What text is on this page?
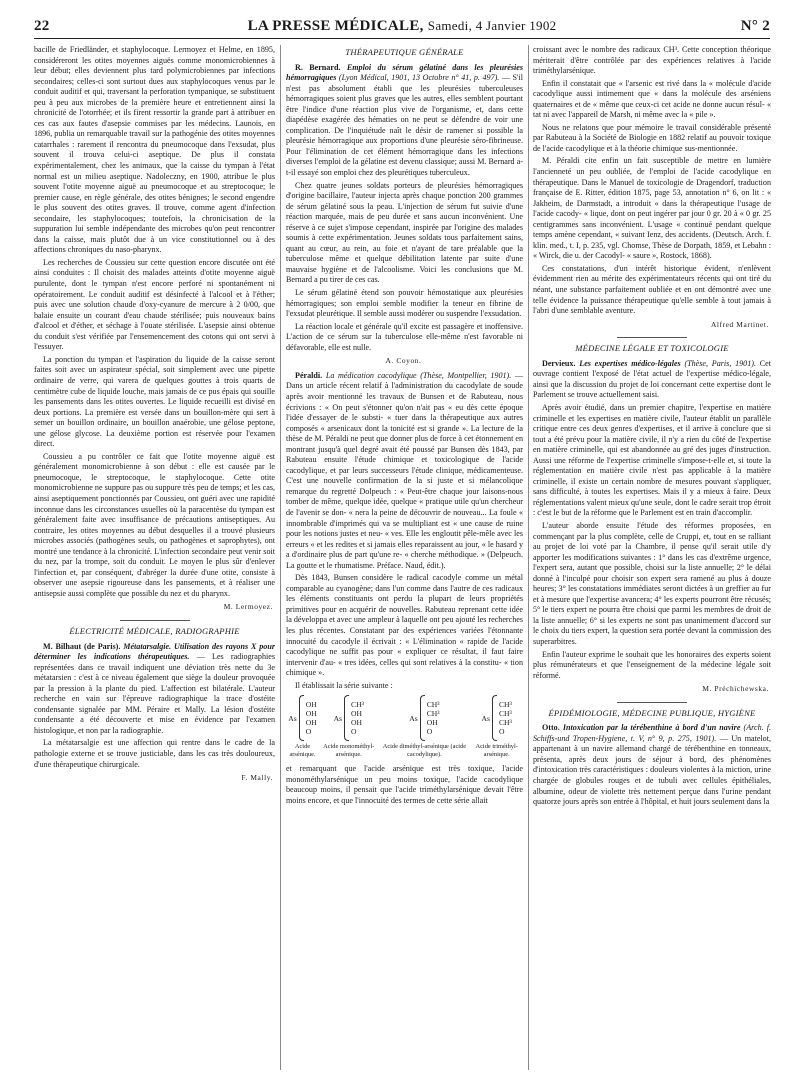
22	LA PRESSE MÉDICALE, Samedi, 4 Janvier 1902	N° 2

bacille de Friedländer, et staphylocoque. Lermoyez et Helme, en 1895, considéreront les otites moyennes aiguës comme monomicrobiennes à leur début; elles deviennent plus tard polymicrobiennes par infections secondaires; celles-ci sont surtout dues aux staphylocoques venus par le conduit auditif et qui, traversant la perforation tympanique, se substituent peu à peu aux microbes de la première heure et entretiennent ainsi la chronicité de l'otorrhée; et ils firent ressortir la grande part à attribuer en ces cas aux fautes d'asepsie commises par les médecins. Launois, en 1896, publia un remarquable travail sur la pathogénie des otites moyennes catarrhales : rarement il rencontra du pneumocoque dans l'exsudat, plus souvent il trouva celui-ci aseptique. De plus il constata expérimentalement, chez les animaux, que la caisse du tympan à l'état normal est un milieu aseptique. Nadoleczny, en 1900, attribue le plus souvent l'otite moyenne aiguë au pneumocoque et au streptocoque; le premier cause, en règle générale, des otites bénignes; le second engendre le plus souvent des otites graves. Il trouve, comme agent d'infection secondaire, les staphylocoques; toutefois, la chronicisation de la suppuration lui semble indépendante des microbes qu'on peut rencontrer dans la caisse, mais plutôt due à un vice constitutionnel ou à des affections chroniques du naso-pharynx.

Les recherches de Coussieu sur cette question encore discutée ont été ainsi conduites : Il choisit des malades atteints d'otite moyenne aiguë purulente, dont le tympan n'est encore perforé ni spontanément ni opératoirement. Le conduit auditif est désinfecté à l'alcool et à l'éther; puis avec une solution chaude d'oxy-cyanure de mercure à 2 0/00, que balaie ensuite un courant d'eau chaude stérilisée; puis nouveaux bains d'alcool et d'éther, et séchage à l'ouate stérilisée. L'asepsie ainsi obtenue du conduit s'est vérifiée par l'ensemencement des cotons qui ont servi à l'essuyer.

La ponction du tympan et l'aspiration du liquide de la caisse seront faites soit avec un aspirateur spécial, soit simplement avec une pipette ordinaire de verre, qui varera de quelques gouttes à trois quarts de centimètre cube de liquide louche, mais jamais de ce pus épais qui souille les pansements dans les otites ouvertes. Le liquide recueilli est divisé en deux portions. La première est versée dans un bouillon-mère qui sert à semer un bouillon ordinaire, un bouillon anaérobie, une gélose peptone, une gélose glycose. La deuxième portion est réservée pour l'examen direct.

Coussieu a pu contrôler ce fait que l'otite moyenne aiguë est généralement monomicrobienne à son début : elle est causée par le pneumocoque, le streptocoque, le staphylocoque. Cette otite monomicrobienne ne suppure pas ou suppure très peu de temps; et les cas, ainsi aseptiquement ponctionnés par Coussieu, ont guéri avec une rapidité inconnue dans les circonstances usuelles où la paracentèse du tympan est généralement faite avec insuffisance de précautions antiseptiques. Au contraire, les otites moyennes au début desquelles il a trouvé plusieurs microbes associés (pathogènes seuls, ou pathogènes et saprophytes), ont montré une tendance à la chronicité. L'infection secondaire peut venir soit du nez, par la trompe, soit du conduit. Le moyen le plus sûr d'enlever l'infection et, par conséquent, d'abréger la durée d'une otite, consiste à observer une asepsie rigoureuse dans les pansements, et à réaliser une antisepsie aussi complète que possible du nez et du pharynx.

M. Lermoyez.
ÉLECTRICITÉ MÉDICALE, RADIOGRAPHIE

M. Bilhaut (de Paris). Métatarsalgie. Utilisation des rayons X pour déterminer les indications thérapeutiques. — Les radiographies représentées dans ce travail indiquent une déviation très nette du 3e métatarsien : c'est à ce niveau également que siège la douleur provoquée par la pression à la plante du pied. L'affection est bilatérale. L'auteur recherche en vain sur l'épreuve radiographique la trace d'ostéite condensante signalée par MM. Péraire et Mally. La lésion d'ostéite condensante a été découverte et mise en évidence par l'examen histologique, et non par la radiographie.

La métatarsalgie est une affection qui rentre dans le cadre de la pathologie externe et se trouve justiciable, dans les cas très douloureux, d'une thérapeutique chirurgicale.

F. Mally.
THÉRAPEUTIQUE GÉNÉRALE

R. Bernard. Emploi du sérum gélatiné dans les pleurésies hémorragiques (Lyon Médical, 1901, 13 Octobre n° 41, p. 497). — S'il n'est pas absolument établi que les pleurésies tuberculeuses hémorragiques soient plus graves que les autres, elles semblent pourtant être l'indice d'une réaction plus vive de l'organisme, et, dans cette diapédèse exagérée des hématies on ne peut se défendre de voir une complication. De l'inquiétude naît le désir de ramener si possible la pleurésie hémorragique aux proportions d'une pleurésie séro-fibrineuse. Pour l'élimination de cet élément hémorragique dans les infections diverses l'emploi de la gélatine est devenu classique; aussi M. Bernard a-t-il essayé son emploi chez des pleurétiques tuberculeux.

Chez quatre jeunes soldats porteurs de pleurésies hémorragiques d'origine bacillaire, l'auteur injecta après chaque ponction 200 grammes de sérum gélatiné sous la peau. L'injection de sérum fut suivie d'une réaction marquée, mais de peu durée et sans aucun inconvénient. Une réserve à ce sujet s'impose cependant, inspirée par l'origine des malades soumis à cette expérimentation. Jeunes soldats tous parfaitement sains, quant au cœur, au rein, au foie et n'ayant de tare préalable que la tuberculose même et quelque débilitation latente par suite d'une mauvaise hygiène et de l'alcoolisme. Voici les conclusions que M. Bernard a pu tirer de ces cas.

Le sérum gélatiné étend son pouvoir hémostatique aux pleurésies hémorragiques; son emploi semble modifier la teneur en fibrine de l'exsudat pleurétique. Il semble aussi modérer ou suspendre l'exsudation.

La réaction locale et générale qu'il excite est passagère et inoffensive. L'action de ce sérum sur la tuberculose elle-même n'est favorable ni défavorable, elle est nulle.

A. Coyon.

Péraldi. La médication cacodylique (Thèse, Montpellier, 1901). — Dans un article récent relatif à l'administration du cacodylate de soude après avoir mentionné les travaux de Bunsen et de Rabuteau, nous écrivions : « On peut s'étonner qu'on n'ait pas « eu dès cette époque l'idée d'essayer de le substi- « tuer dans la thérapeutique aux autres composés « arsenicaux dont la tonicité est si grande ». La lecture de la thèse de M. Péraldi ne peut que donner plus de force à cet étonnement en montrant jusqu'à quel degré avait été poussé par Bunsen dès 1843, par Rabuteau ensuite l'étude chimique et toxicologique de l'acide cacodylique, et par leurs successeurs l'étude clinique, médicamenteuse. C'est une nouvelle confirmation de la si juste et si mélancolique remarque du regretté Dolpeuch : « Peut-être chaque jour laisons-nous tomber de même, quelque idée, quelque « pratique utile qu'un chercheur de l'avenir se don- « nera la peine de découvrir de nouveau... La foule « innombrable d'imprimés qui va se multipliant est « une cause de ruine pour les notions justes et neu- « ves. Elle les engloutit pêle-mêle avec les erreurs « et les redites et si jamais elles reparaissent au jour, « le hasard y a d'ordinaire plus de part qu'une re- « cherche méthodique. » (Delpeuch. La goutte et le rhumatisme. Préface. Naud, édit.).

Dès 1843, Bunsen considère le radical cacodyle comme un métal comparable au cyanogène; dans l'un comme dans l'autre de ces radicaux les éléments constituants ont perdu la plupart de leurs propriétés primitives pour en acquérir de nouvelles. Rabuteau reprenant cette idée la développa et avec une ampleur à laquelle ont peu ajouté les recherches les plus récentes. Constatant par des expériences variées l'étonnante innocuité du cacodyle il écrivait : « L'élimination « rapide de l'acide cacodylique ne suffit pas pour « expliquer ce résultat, il faut faire intervenir d'au- « tres idées, celles qui sont relatives à la constitu- « tion chimique ».

Il établissait la série suivante :

As
OH
OH
OH
O
Acide arsénique.
As
CH³
OH
OH
O
Acide monométhyl-arsénique.
As
CH³
CH³
OH
O
Acide diméthyl-arsénique (acide cacodylique).
As
CH³
CH³
CH³
O
Acide triméthyl-arsénique.

et remarquant que l'acide arsénique est très toxique, l'acide monométhylarsénique un peu moins toxique, l'acide cacodylique beaucoup moins, il pensait que l'acide triméthylarsénique devait l'être moins encore, et que l'innocuité des termes de cette série allait

croissant avec le nombre des radicaux CH³. Cette conception théorique mériterait d'être contrôlée par des expériences relatives à l'acide triméthylarsénique.

Enfin il constatait que « l'arsenic est rivé dans la « molécule d'acide cacodylique aussi intimement que « dans la molécule des arséniens quaternaires et de « même que ceux-ci cet acide ne donne aucun résul- « tat ni avec l'appareil de Marsh, ni même avec la « pile ».

Nous ne relatons que pour mémoire le travail considérable présenté par Rabuteau à la Société de Biologie en 1882 relatif au pouvoir toxique de l'acide cacodylique et à la théorie chimique sus-mentionnée.

M. Péraldi cite enfin un fait susceptible de mettre en lumière l'ancienneté un peu oubliée, de l'emploi de l'acide cacodylique en thérapeutique. Dans le Manuel de toxicologie de Dragendorf, traduction française de E. Ritter, édition 1875, page 53, annotation n° 6, on lit : « Jakheim, de Darmstadt, a introduit « dans la thérapeutique l'usage de l'acide cacody- « lique, dont on peut ingérer par jour 0 gr. 20 à « 0 gr. 25 centigrammes sans inconvénient. L'usage « continué pendant quelque temps amène cependant, « suivant Ienz, des accidents. (Deutsch. Arch. f. klin. med., t. I, p. 235, vgl. Chomse, Thèse de Dorpath, 1859, et Lebahn : « Wirck, die u. der Cacodyl- « saure », Rostock, 1868).

Ces constatations, d'un intérêt historique évident, n'enlèvent évidemment rien au mérite des expérimentateurs récents qui ont tiré du néant, une substance parfaitement oubliée et en ont démontré avec une telle évidence la puissance thérapeutique qu'elle semble à tout jamais à l'abri d'une semblable aventure.

Alfred Martinet.
MÉDECINE LÉGALE ET TOXICOLOGIE

Dervieux. Les expertises médico-légales (Thèse, Paris, 1901). Cet ouvrage contient l'exposé de l'état actuel de l'expertise médico-légale, ainsi que la discussion du projet de loi concernant cette expertise dont le Parlement se trouve actuellement saisi.

Après avoir étudié, dans un premier chapitre, l'expertise en matière criminelle et les expertises en matière civile, l'auteur établit un parallèle critique entre ces deux genres d'expertises, et il arrive à conclure que si tout a été prévu pour la matière civile, il n'y a rien du côté de l'expertise en matière criminelle, qui est abandonnée au gré des juges d'instruction. Aussi une réforme de l'expertise criminelle s'impose-t-elle et, si toute la réglementation en matière civile n'est pas applicable à la matière criminelle, il existe un certain nombre de mesures pouvant s'appliquer, sans difficulté, à toutes les expertises. Mais il y a mieux à faire. Deux réglementations valent mieux qu'une seule, dont le cadre serait trop étroit : c'est le but de la réforme que le Parlement est en train d'accomplir.

L'auteur aborde ensuite l'étude des réformes proposées, en commençant par la plus complète, celle de Cruppi, et, tout en se ralliant au projet de loi voté par la Chambre, il pense qu'il serait utile d'y apporter les modifications suivantes : 1° dans les cas d'extrême urgence, l'expert sera, autant que possible, choisi sur la liste annuelle; 2° le délai donné à l'inculpé pour choisir son expert sera ramené au plus à douze heures; 3° les constatations immédiates seront dictées à un greffier au fur et à mesure que l'expertise avancera; 4° les experts pourront être récusés; 5° le tiers expert ne pourra être choisi que parmi les membres de droit de la liste annuelle; 6° si les experts ne sont pas unanimement d'accord sur le choix du tiers expert, la question sera portée devant la commission des superarbitres.

Enfin l'auteur exprime le souhait que les honoraires des experts soient plus rémunérateurs et que l'enseignement de la médecine légale soit réformé.

M. Préchichewska.
ÉPIDÉMIOLOGIE, MÉDECINE PUBLIQUE, HYGIÈNE

Otto. Intoxication par la térébenthine à bord d'un navire (Arch. f. Schiffs-und Tropen-Hygiene, t. V, n° 9, p. 275, 1901). — Un matelot, appartenant à un navire allemand chargé de térébenthine en tonneaux, présenta, après deux jours de séjour à bord, des phénomènes d'intoxication très caractéristiques : douleurs violentes à la miction, urine chargée de globules rouges et de tubuli avec cellules épithéliales, albumine, odeur de violette très nettement perçue dans l'urine pendant quatorze jours après son entrée à l'hôpital, et huit jours seulement dans la
